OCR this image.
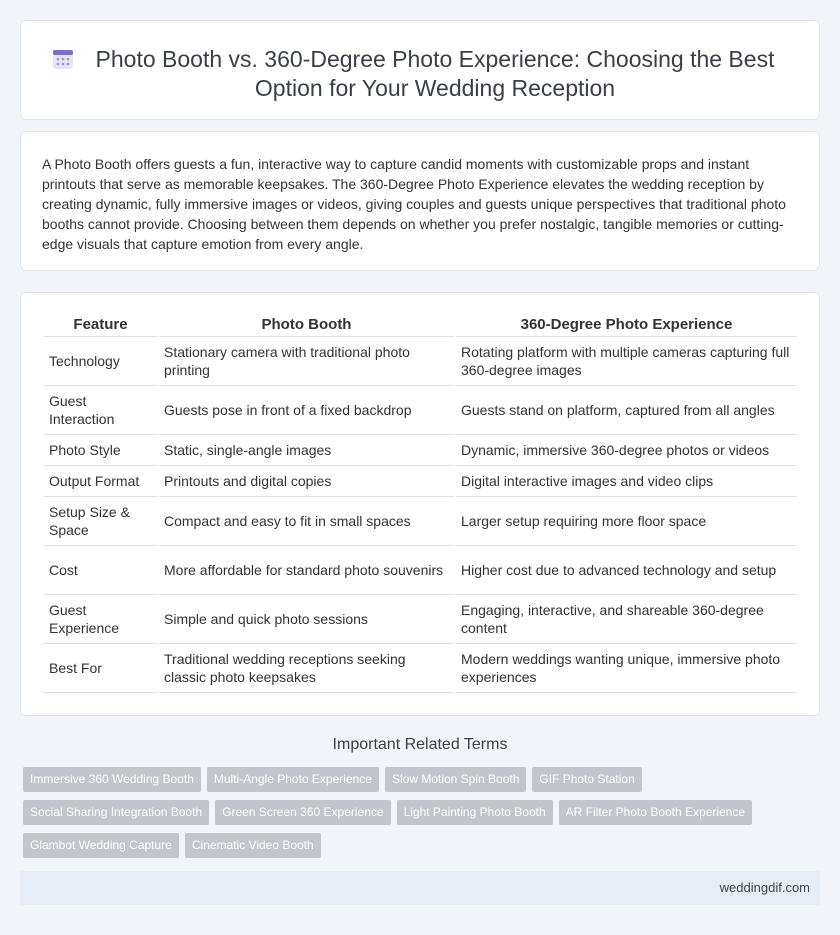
Photo Booth vs. 360-Degree Photo Experience: Choosing the Best Option for Your Wedding Reception

A Photo Booth offers guests a fun, interactive way to capture candid moments with customizable props and instant printouts that serve as memorable keepsakes. The 360-Degree Photo Experience elevates the wedding reception by creating dynamic, fully immersive images or videos, giving couples and guests unique perspectives that traditional photo booths cannot provide. Choosing between them depends on whether you prefer nostalgic, tangible memories or cutting-edge visuals that capture emotion from every angle.

Feature	Photo Booth	360-Degree Photo Experience
Technology	Stationary camera with traditional photo printing	Rotating platform with multiple cameras capturing full 360-degree images
Guest Interaction	Guests pose in front of a fixed backdrop	Guests stand on platform, captured from all angles
Photo Style	Static, single-angle images	Dynamic, immersive 360-degree photos or videos
Output Format	Printouts and digital copies	Digital interactive images and video clips
Setup Size & Space	Compact and easy to fit in small spaces	Larger setup requiring more floor space
Cost	More affordable for standard photo souvenirs	Higher cost due to advanced technology and setup
Guest Experience	Simple and quick photo sessions	Engaging, interactive, and shareable 360-degree content
Best For	Traditional wedding receptions seeking classic photo keepsakes	Modern weddings wanting unique, immersive photo experiences
Important Related Terms
Immersive 360 Wedding Booth	Multi-Angle Photo Experience	Slow Motion Spin Booth	GIF Photo Station
Social Sharing Integration Booth	Green Screen 360 Experience	Light Painting Photo Booth	AR Filter Photo Booth Experience
Glambot Wedding Capture	Cinematic Video Booth
weddingdif.com
